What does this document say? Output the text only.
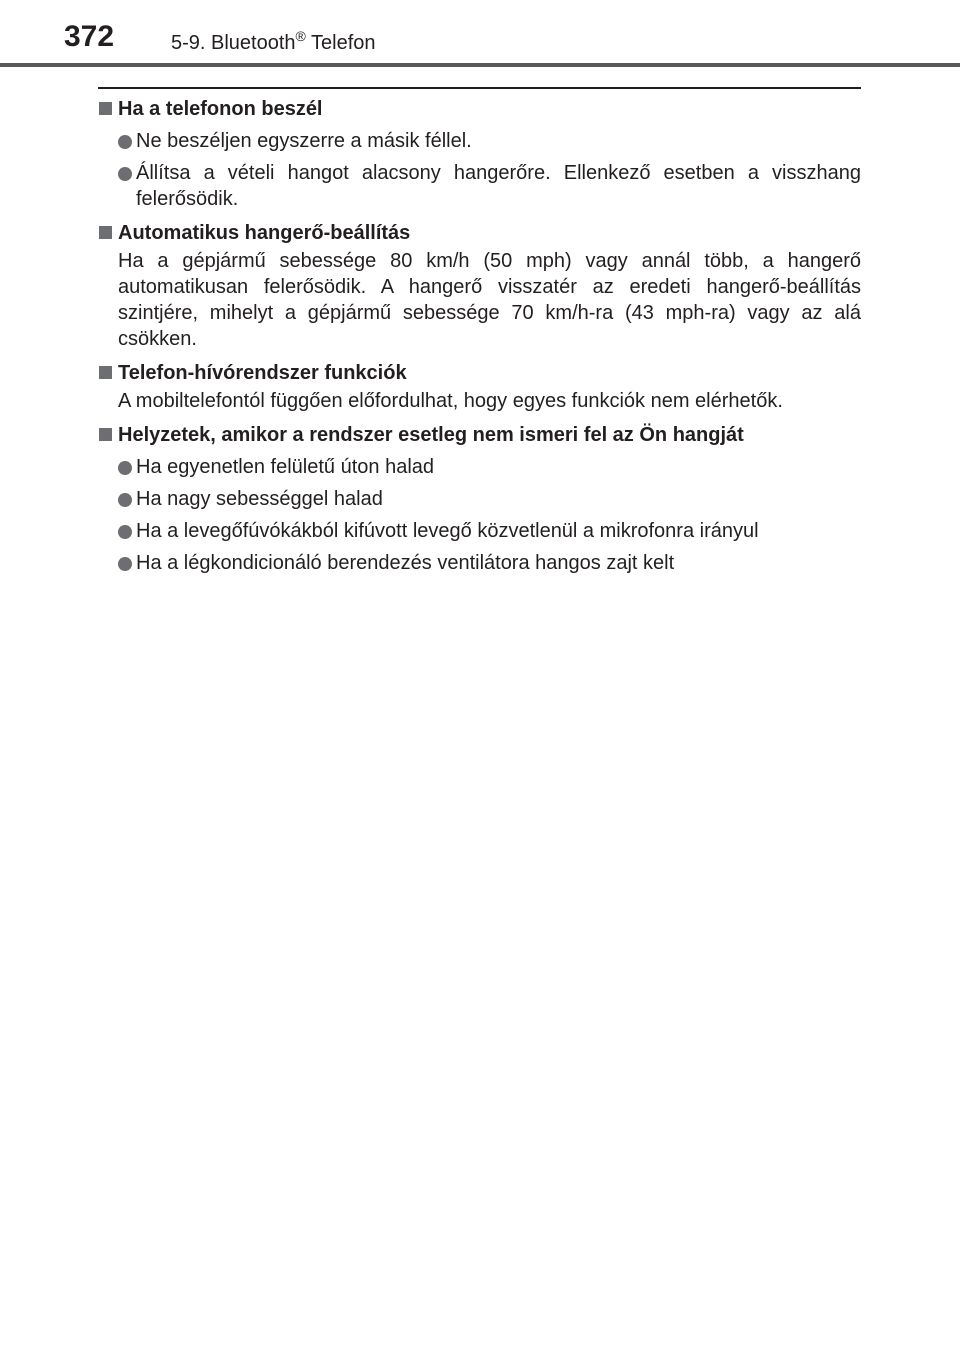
372	5-9. Bluetooth® Telefon
Ha a telefonon beszél
Ne beszéljen egyszerre a másik féllel.
Állítsa a vételi hangot alacsony hangerőre. Ellenkező esetben a visszhang felerősödik.
Automatikus hangerő-beállítás
Ha a gépjármű sebessége 80 km/h (50 mph) vagy annál több, a hangerő automatikusan felerősödik. A hangerő visszatér az eredeti hangerő-beállítás szintjére, mihelyt a gépjármű sebessége 70 km/h-ra (43 mph-ra) vagy az alá csökken.
Telefon-hívórendszer funkciók
A mobiltelefontól függően előfordulhat, hogy egyes funkciók nem elérhetők.
Helyzetek, amikor a rendszer esetleg nem ismeri fel az Ön hangját
Ha egyenetlen felületű úton halad
Ha nagy sebességgel halad
Ha a levegőfúvókákból kifúvott levegő közvetlenül a mikrofonra irányul
Ha a légkondicionáló berendezés ventilátora hangos zajt kelt
